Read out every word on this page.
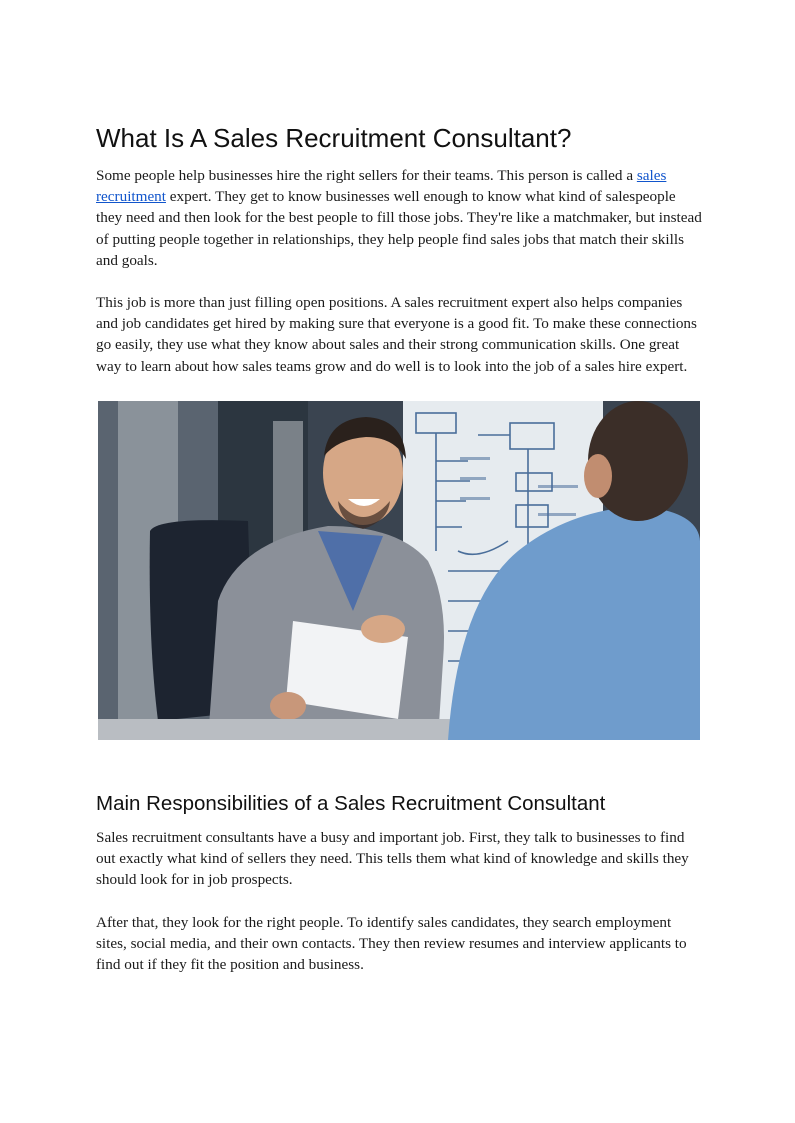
What Is A Sales Recruitment Consultant?

Some people help businesses hire the right sellers for their teams. This person is called a sales recruitment expert. They get to know businesses well enough to know what kind of salespeople they need and then look for the best people to fill those jobs. They're like a matchmaker, but instead of putting people together in relationships, they help people find sales jobs that match their skills and goals.

This job is more than just filling open positions. A sales recruitment expert also helps companies and job candidates get hired by making sure that everyone is a good fit. To make these connections go easily, they use what they know about sales and their strong communication skills. One great way to learn about how sales teams grow and do well is to look into the job of a sales hire expert.

Main Responsibilities of a Sales Recruitment Consultant

Sales recruitment consultants have a busy and important job. First, they talk to businesses to find out exactly what kind of sellers they need. This tells them what kind of knowledge and skills they should look for in job prospects.

After that, they look for the right people. To identify sales candidates, they search employment sites, social media, and their own contacts. They then review resumes and interview applicants to find out if they fit the position and business.
